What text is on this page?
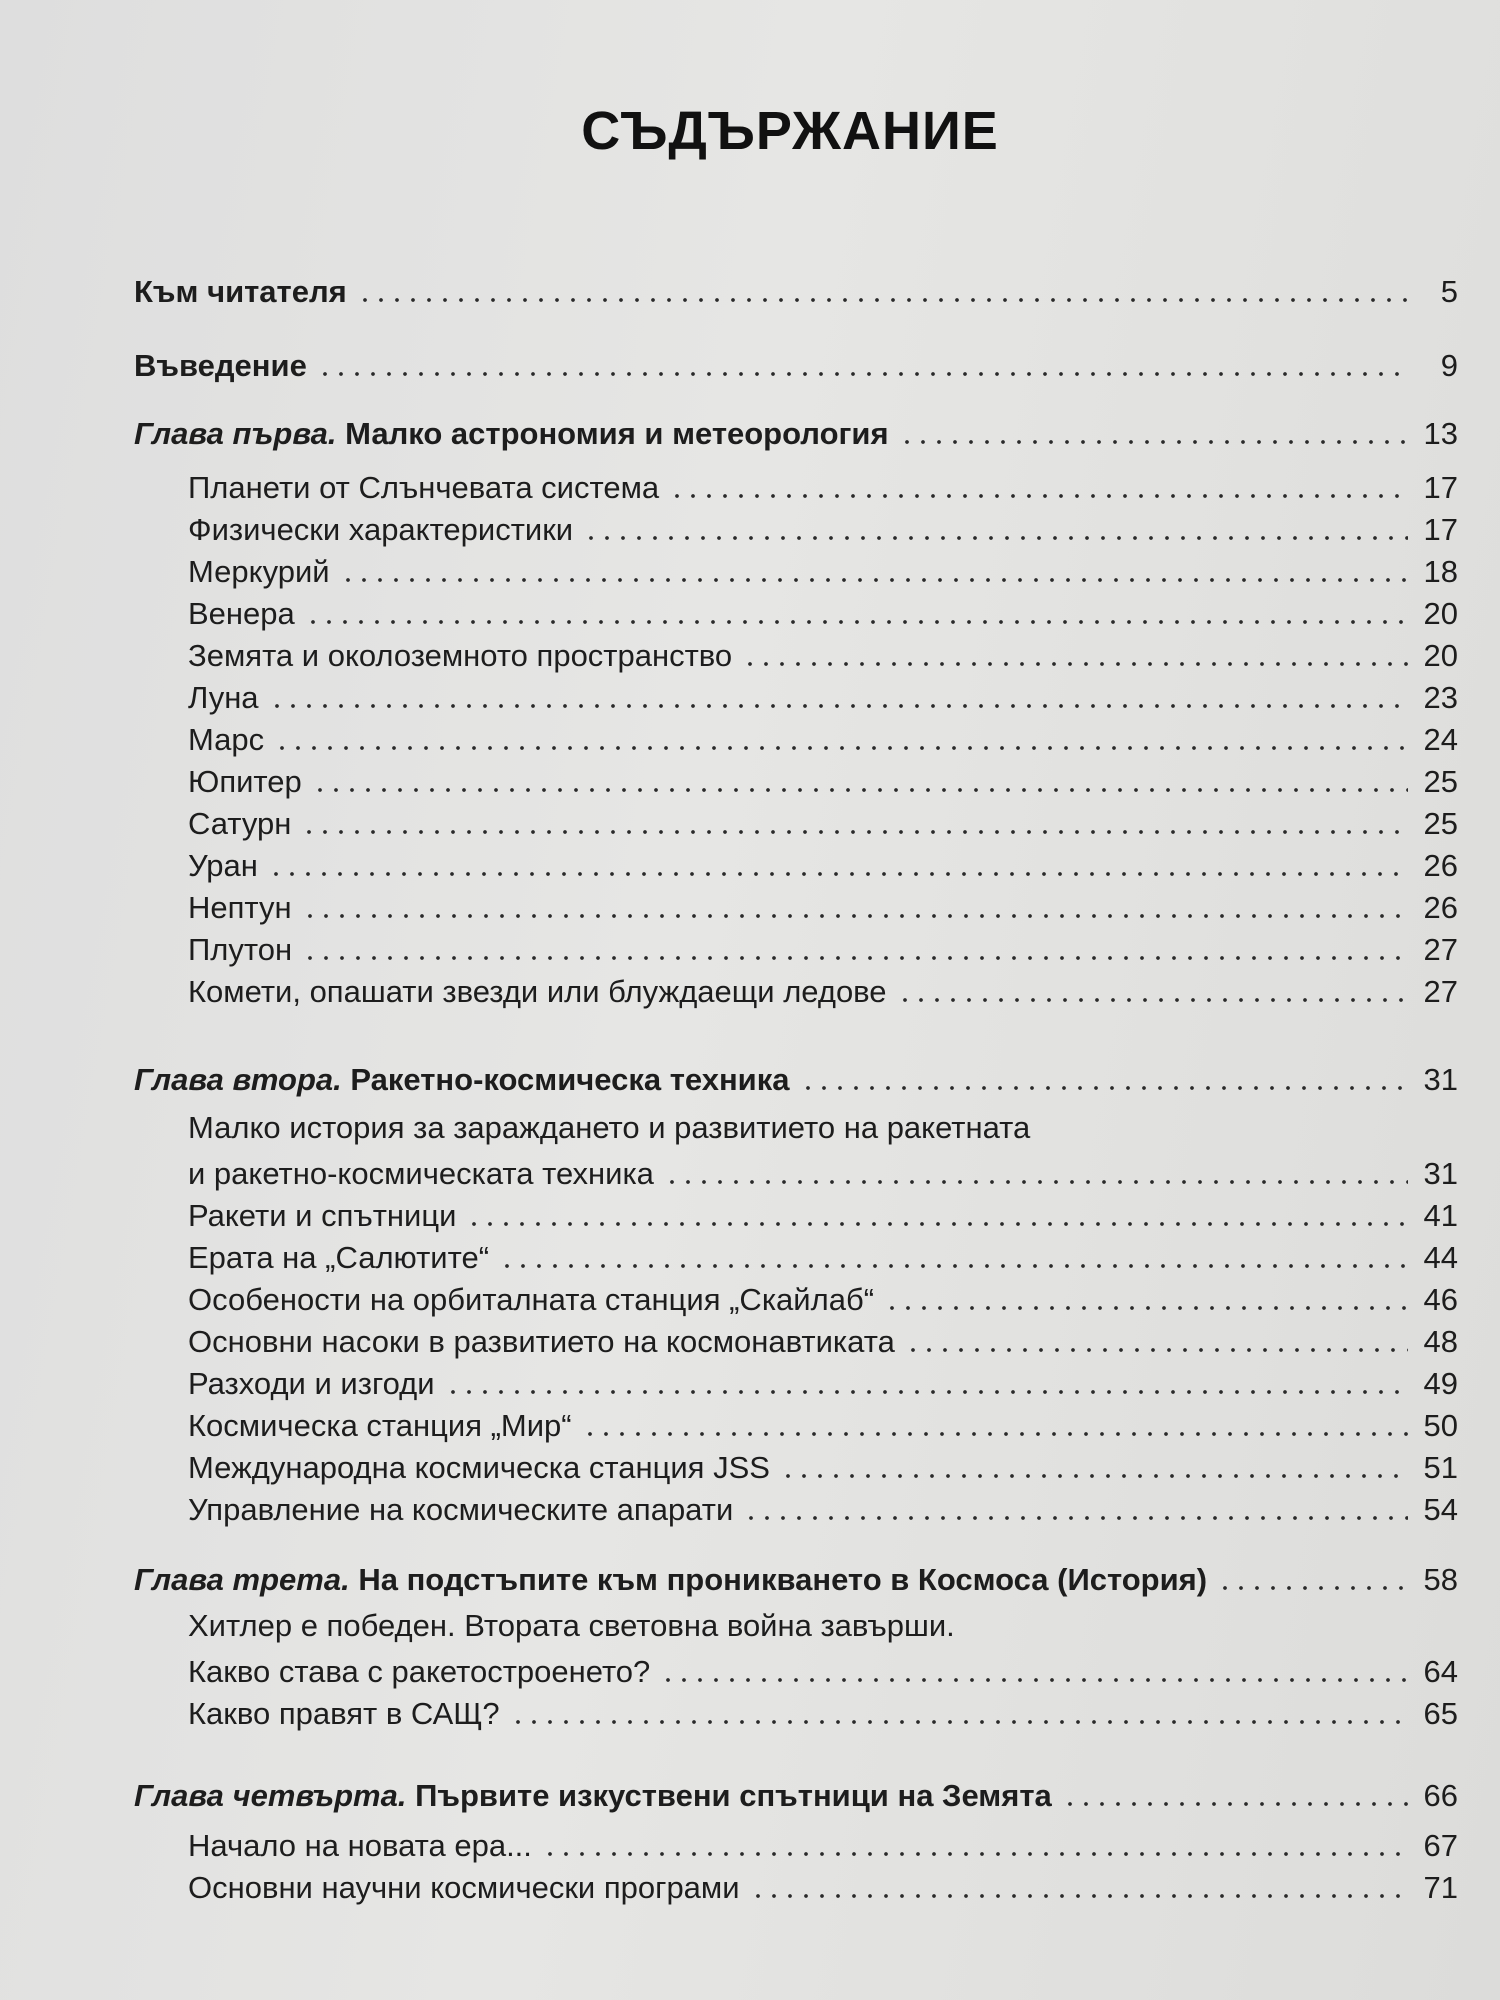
СЪДЪРЖАНИЕ
Към читателя	5
Въведение	9
Глава първа. Малко астрономия и метеорология	13
Планети от Слънчевата система	17
Физически характеристики	17
Меркурий	18
Венера	20
Земята и околоземното пространство	20
Луна	23
Марс	24
Юпитер	25
Сатурн	25
Уран	26
Нептун	26
Плутон	27
Комети, опашати звезди или блуждаещи ледове	27
Глава втора. Ракетно-космическа техника	31
Малко история за зараждането и развитието на ракетната
и ракетно-космическата техника	31
Ракети и спътници	41
Ерата на „Салютите“	44
Особености на орбиталната станция „Скайлаб“	46
Основни насоки в развитието на космонавтиката	48
Разходи и изгоди	49
Космическа станция „Мир“	50
Международна космическа станция JSS	51
Управление на космическите апарати	54
Глава трета. На подстъпите към проникването в Космоса (История)	58
Хитлер е победен. Втората световна война завърши.
Какво става с ракетостроенето?	64
Какво правят в САЩ?	65
Глава четвърта. Първите изкуствени спътници на Земята	66
Начало на новата ера...	67
Основни научни космически програми	71
